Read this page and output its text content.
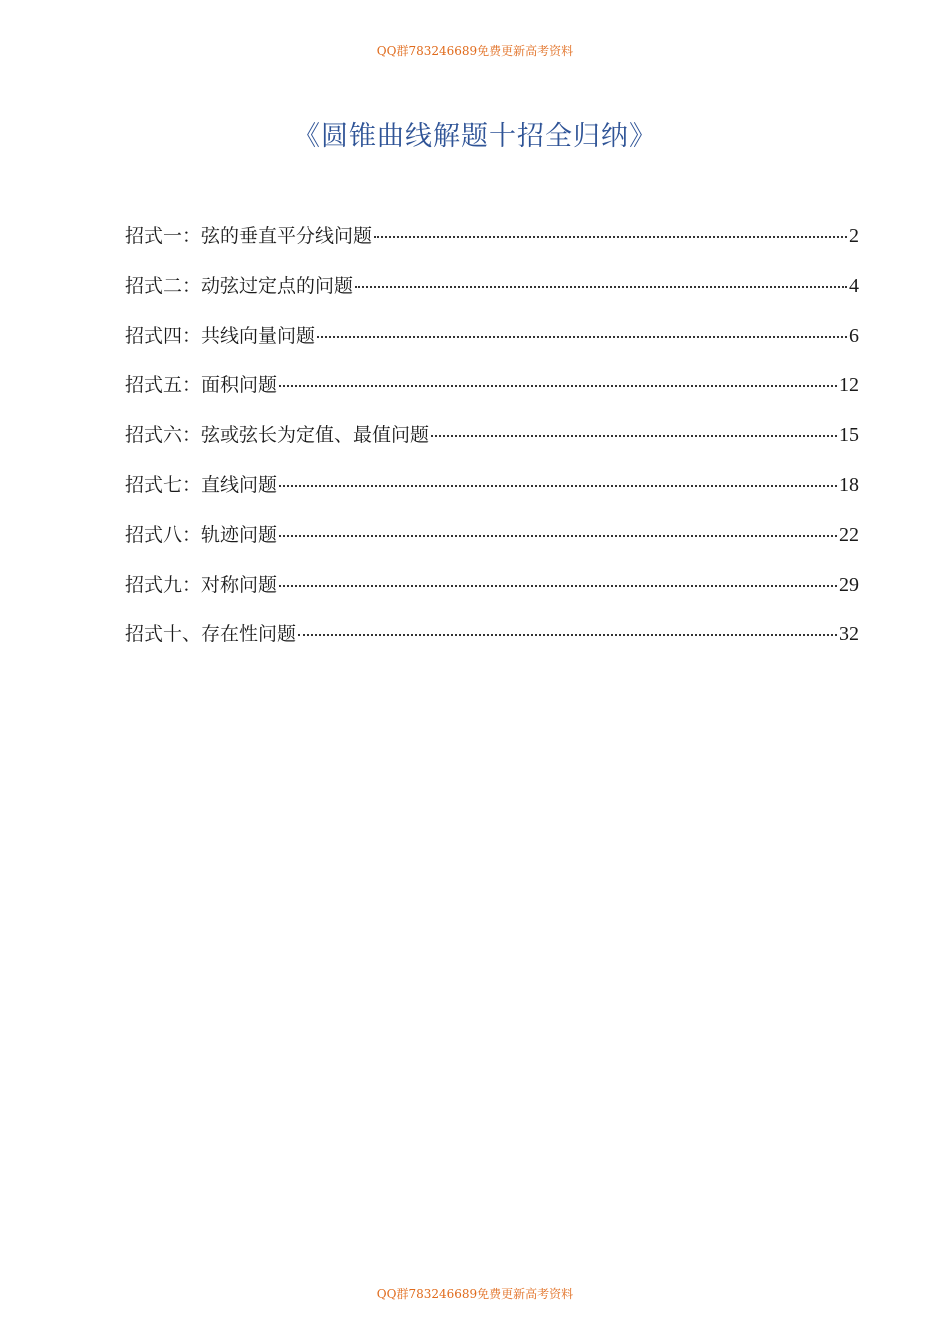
QQ群783246689免费更新高考资料
《圆锥曲线解题十招全归纳》
招式一：弦的垂直平分线问题	2
招式二：动弦过定点的问题	4
招式四：共线向量问题	6
招式五：面积问题	12
招式六：弦或弦长为定值、最值问题	15
招式七：直线问题	18
招式八：轨迹问题	22
招式九：对称问题	29
招式十、存在性问题	32
QQ群783246689免费更新高考资料
